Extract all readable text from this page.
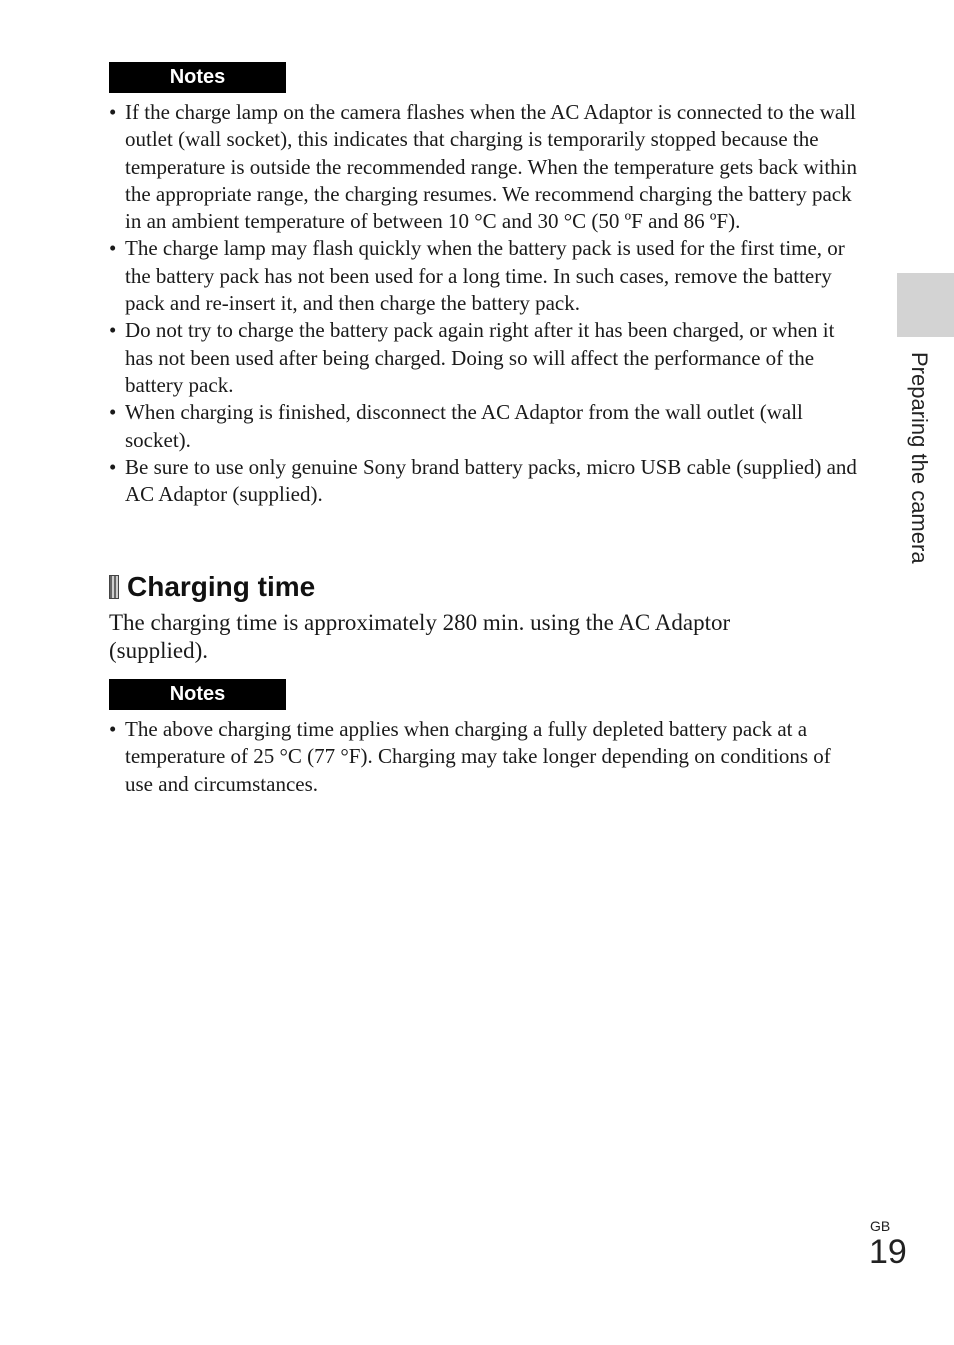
Preparing the camera
Notes
• If the charge lamp on the camera flashes when the AC Adaptor is connected to the wall outlet (wall socket), this indicates that charging is temporarily stopped because the temperature is outside the recommended range. When the temperature gets back within the appropriate range, the charging resumes. We recommend charging the battery pack in an ambient temperature of between 10 °C and 30 °C (50 ºF and 86 ºF).
• The charge lamp may flash quickly when the battery pack is used for the first time, or the battery pack has not been used for a long time. In such cases, remove the battery pack and re-insert it, and then charge the battery pack.
• Do not try to charge the battery pack again right after it has been charged, or when it has not been used after being charged. Doing so will affect the performance of the battery pack.
• When charging is finished, disconnect the AC Adaptor from the wall outlet (wall socket).
• Be sure to use only genuine Sony brand battery packs, micro USB cable (supplied) and AC Adaptor (supplied).
Charging time

The charging time is approximately 280 min. using the AC Adaptor (supplied).

Notes
• The above charging time applies when charging a fully depleted battery pack at a temperature of 25 °C (77 °F). Charging may take longer depending on conditions of use and circumstances.
GB
19
